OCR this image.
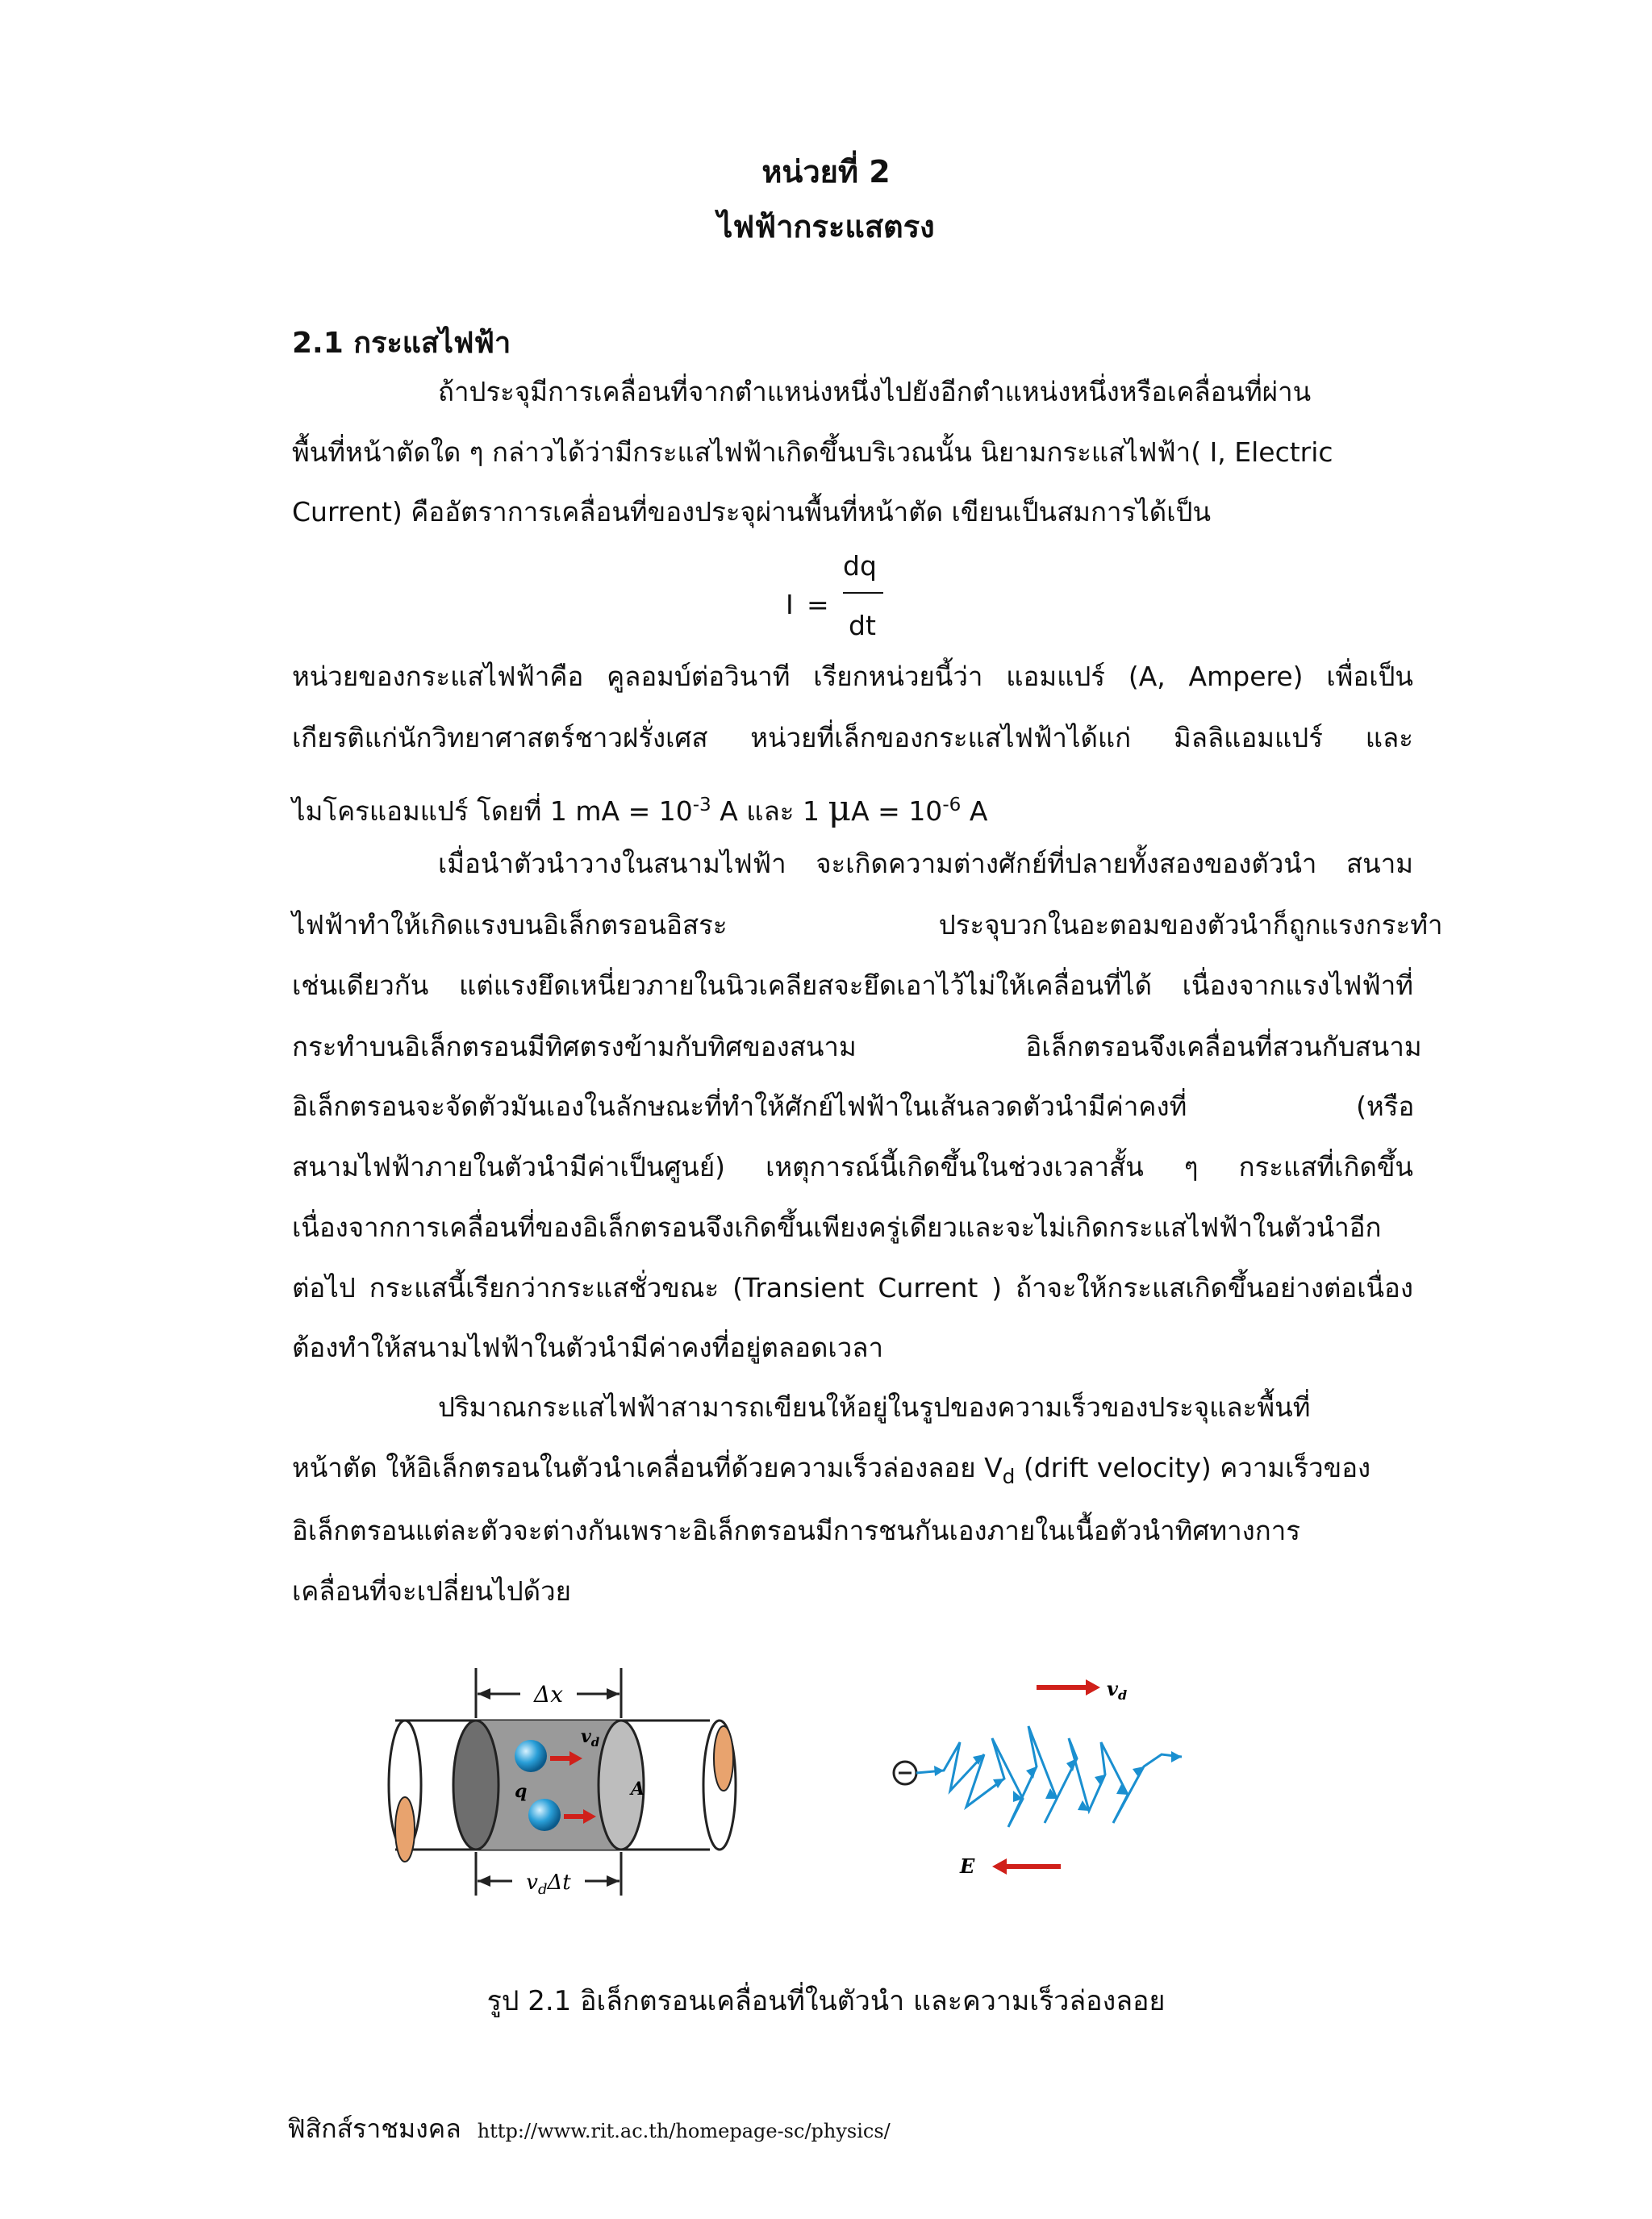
หน่วยที่ 2
ไฟฟ้ากระแสตรง
2.1 กระแสไฟฟ้า
ถ้าประจุมีการเคลื่อนที่จากตำแหน่งหนึ่งไปยังอีกตำแหน่งหนึ่งหรือเคลื่อนที่ผ่าน
พื้นที่หน้าตัดใด ๆ กล่าวได้ว่ามีกระแสไฟฟ้าเกิดขึ้นบริเวณนั้น นิยามกระแสไฟฟ้า( I, Electric
Current) คืออัตราการเคลื่อนที่ของประจุผ่านพื้นที่หน้าตัด เขียนเป็นสมการได้เป็น
I =
dq
dt
หน่วยของกระแสไฟฟ้าคือ คูลอมบ์ต่อวินาที เรียกหน่วยนี้ว่า แอมแปร์ (A, Ampere) เพื่อเป็น
เกียรติแก่นักวิทยาศาสตร์ชาวฝรั่งเศส หน่วยที่เล็กของกระแสไฟฟ้าได้แก่ มิลลิแอมแปร์ และ
ไมโครแอมแปร์ โดยที่ 1 mA = $10^{-3}$ A และ 1 $\mu A = 10^{-6}$ A
เมื่อนำตัวนำวางในสนามไฟฟ้า จะเกิดความต่างศักย์ที่ปลายทั้งสองของตัวนำ สนาม
ไฟฟ้าทำให้เกิดแรงบนอิเล็กตรอนอิสระ                         ประจุบวกในอะตอมของตัวนำก็ถูกแรงกระทำ
เช่นเดียวกัน แต่แรงยึดเหนี่ยวภายในนิวเคลียสจะยึดเอาไว้ไม่ให้เคลื่อนที่ได้ เนื่องจากแรงไฟฟ้าที่
กระทำบนอิเล็กตรอนมีทิศตรงข้ามกับทิศของสนาม                    อิเล็กตรอนจึงเคลื่อนที่สวนกับสนาม
อิเล็กตรอนจะจัดตัวมันเองในลักษณะที่ทำให้ศักย์ไฟฟ้าในเส้นลวดตัวนำมีค่าคงที่                    (หรือ
สนามไฟฟ้าภายในตัวนำมีค่าเป็นศูนย์) เหตุการณ์นี้เกิดขึ้นในช่วงเวลาสั้น ๆ กระแสที่เกิดขึ้น
เนื่องจากการเคลื่อนที่ของอิเล็กตรอนจึงเกิดขึ้นเพียงครู่เดียวและจะไม่เกิดกระแสไฟฟ้าในตัวนำอีก
ต่อไป กระแสนี้เรียกว่ากระแสชั่วขณะ (Transient Current ) ถ้าจะให้กระแสเกิดขึ้นอย่างต่อเนื่อง
ต้องทำให้สนามไฟฟ้าในตัวนำมีค่าคงที่อยู่ตลอดเวลา
ปริมาณกระแสไฟฟ้าสามารถเขียนให้อยู่ในรูปของความเร็วของประจุและพื้นที่
หน้าตัด ให้อิเล็กตรอนในตัวนำเคลื่อนที่ด้วยความเร็วล่องลอย $V_d$ (drift velocity) ความเร็วของ
อิเล็กตรอนแต่ละตัวจะต่างกันเพราะอิเล็กตรอนมีการชนกันเองภายในเนื้อตัวนำทิศทางการ
เคลื่อนที่จะเปลี่ยนไปด้วย
Δx
$v_d\Delta t$
$v_d$
q	A
$v_d$
E
รูป 2.1 อิเล็กตรอนเคลื่อนที่ในตัวนำ และความเร็วล่องลอย
ฟิสิกส์ราชมงคล http://www.rit.ac.th/homepage-sc/physics/
